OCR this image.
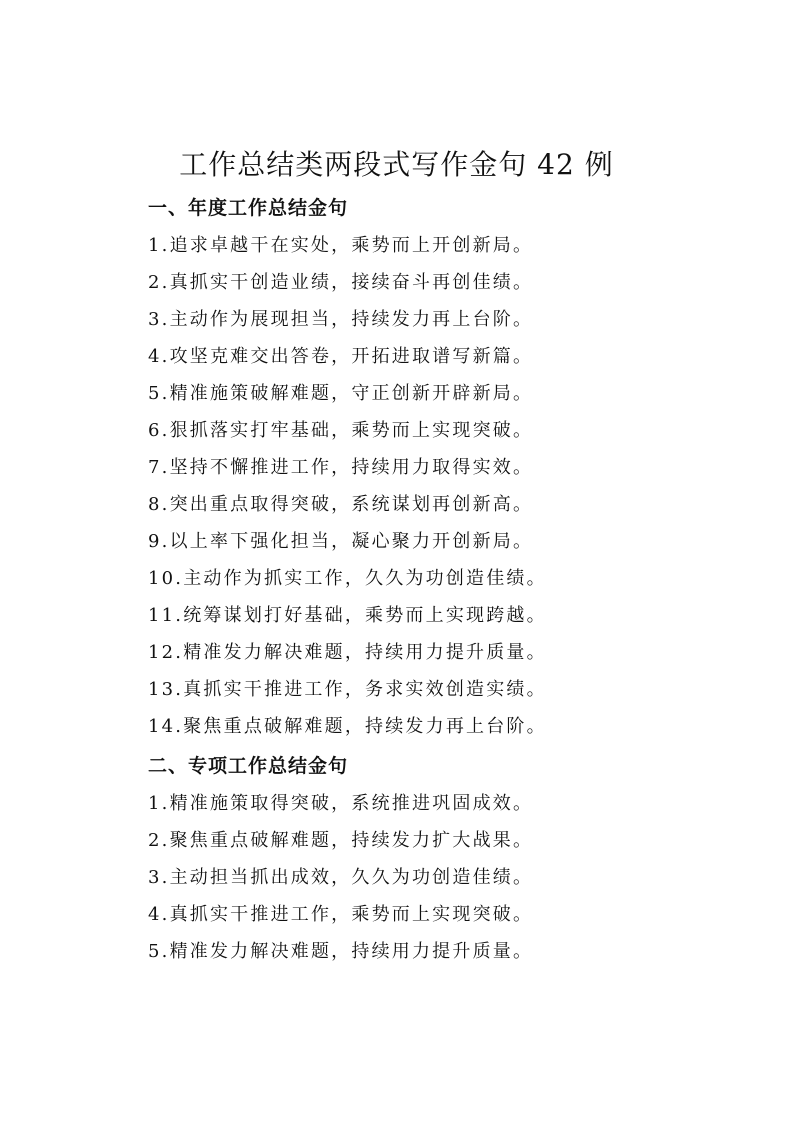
工作总结类两段式写作金句 42 例
一、年度工作总结金句
1.追求卓越干在实处，乘势而上开创新局。
2.真抓实干创造业绩，接续奋斗再创佳绩。
3.主动作为展现担当，持续发力再上台阶。
4.攻坚克难交出答卷，开拓进取谱写新篇。
5.精准施策破解难题，守正创新开辟新局。
6.狠抓落实打牢基础，乘势而上实现突破。
7.坚持不懈推进工作，持续用力取得实效。
8.突出重点取得突破，系统谋划再创新高。
9.以上率下强化担当，凝心聚力开创新局。
10.主动作为抓实工作，久久为功创造佳绩。
11.统筹谋划打好基础，乘势而上实现跨越。
12.精准发力解决难题，持续用力提升质量。
13.真抓实干推进工作，务求实效创造实绩。
14.聚焦重点破解难题，持续发力再上台阶。
二、专项工作总结金句
1.精准施策取得突破，系统推进巩固成效。
2.聚焦重点破解难题，持续发力扩大战果。
3.主动担当抓出成效，久久为功创造佳绩。
4.真抓实干推进工作，乘势而上实现突破。
5.精准发力解决难题，持续用力提升质量。
